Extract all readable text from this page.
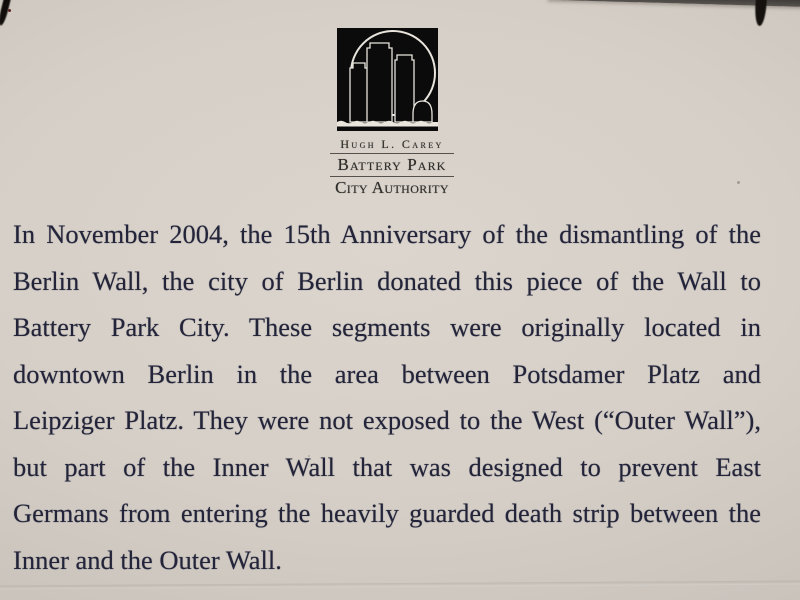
Hugh L. Carey
Battery Park
City Authority
In November 2004, the 15th Anniversary of the dismantling of the
Berlin Wall, the city of Berlin donated this piece of the Wall to
Battery Park City. These segments were originally located in
downtown Berlin in the area between Potsdamer Platz and
Leipziger Platz. They were not exposed to the West (“Outer Wall”),
but part of the Inner Wall that was designed to prevent East
Germans from entering the heavily guarded death strip between the
Inner and the Outer Wall.
